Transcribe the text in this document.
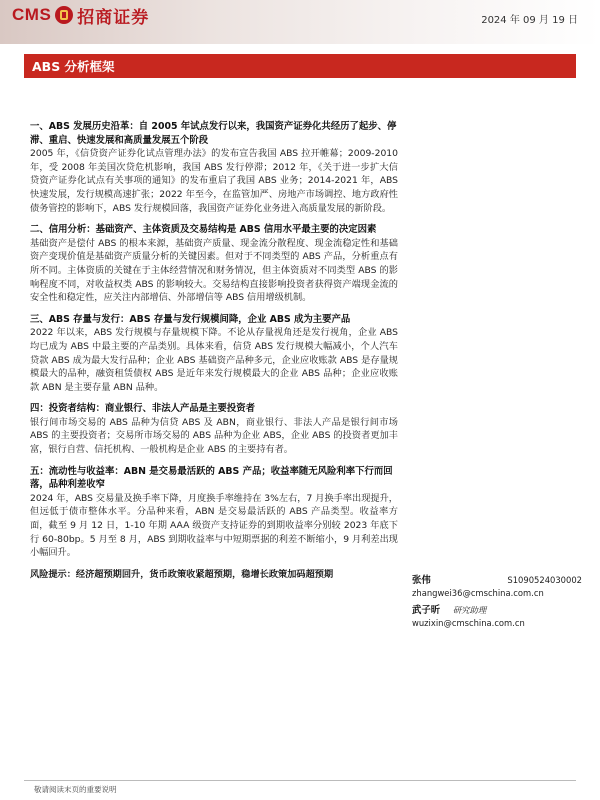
CMS 招商证券	2024 年 09 月 19 日
ABS 分析框架
一、ABS 发展历史沿革：自 2005 年试点发行以来，我国资产证券化共经历了起步、停滞、重启、快速发展和高质量发展五个阶段

2005 年，《信贷资产证券化试点管理办法》的发布宣告我国 ABS 拉开帷幕；2009-2010 年，受 2008 年美国次贷危机影响，我国 ABS 发行停滞；2012 年，《关于进一步扩大信贷资产证券化试点有关事项的通知》的发布重启了我国 ABS 业务；2014-2021 年，ABS 快速发展，发行规模高速扩张；2022 年至今，在监管加严、房地产市场调控、地方政府性债务管控的影响下，ABS 发行规模回落，我国资产证券化业务进入高质量发展的新阶段。

二、信用分析：基础资产、主体资质及交易结构是 ABS 信用水平最主要的决定因素

基础资产是偿付 ABS 的根本来源，基础资产质量、现金流分散程度、现金流稳定性和基础资产变现价值是基础资产质量分析的关键因素。但对于不同类型的 ABS 产品，分析重点有所不同。主体资质的关键在于主体经营情况和财务情况，但主体资质对不同类型 ABS 的影响程度不同，对收益权类 ABS 的影响较大。交易结构直接影响投资者获得资产端现金流的安全性和稳定性，应关注内部增信、外部增信等 ABS 信用增级机制。

三、ABS 存量与发行：ABS 存量与发行规模间降，企业 ABS 成为主要产品

2022 年以来，ABS 发行规模与存量规模下降。不论从存量视角还是发行视角，企业 ABS 均已成为 ABS 中最主要的产品类别。具体来看，信贷 ABS 发行规模大幅减小，个人汽车贷款 ABS 成为最大发行品种；企业 ABS 基础资产品种多元，企业应收账款 ABS 是存量规模最大的品种，融资租赁债权 ABS 是近年来发行规模最大的企业 ABS 品种；企业应收账款 ABN 是主要存量 ABN 品种。

四：投资者结构：商业银行、非法人产品是主要投资者

银行间市场交易的 ABS 品种为信贷 ABS 及 ABN，商业银行、非法人产品是银行间市场 ABS 的主要投资者；交易所市场交易的 ABS 品种为企业 ABS，企业 ABS 的投资者更加丰富，银行自营、信托机构、一般机构是企业 ABS 的主要持有者。

五：流动性与收益率：ABN 是交易最活跃的 ABS 产品；收益率随无风险利率下行而回落，品种利差收窄

2024 年，ABS 交易量及换手率下降，月度换手率维持在 3%左右，7 月换手率出现提升，但远低于债市整体水平。分品种来看，ABN 是交易最活跃的 ABS 产品类型。收益率方面，截至 9 月 12 日，1-10 年期 AAA 级资产支持证券的到期收益率分别较 2023 年底下行 60-80bp。5 月至 8 月，ABS 到期收益率与中短期票据的利差不断缩小，9 月利差出现小幅回升。

风险提示：经济超预期回升，货币政策收紧超预期，稳增长政策加码超预期
张伟	S1090524030002
zhangwei36@cmschina.com.cn
武子昕 研究助理
wuzixin@cmschina.com.cn
敬请阅读末页的重要说明
